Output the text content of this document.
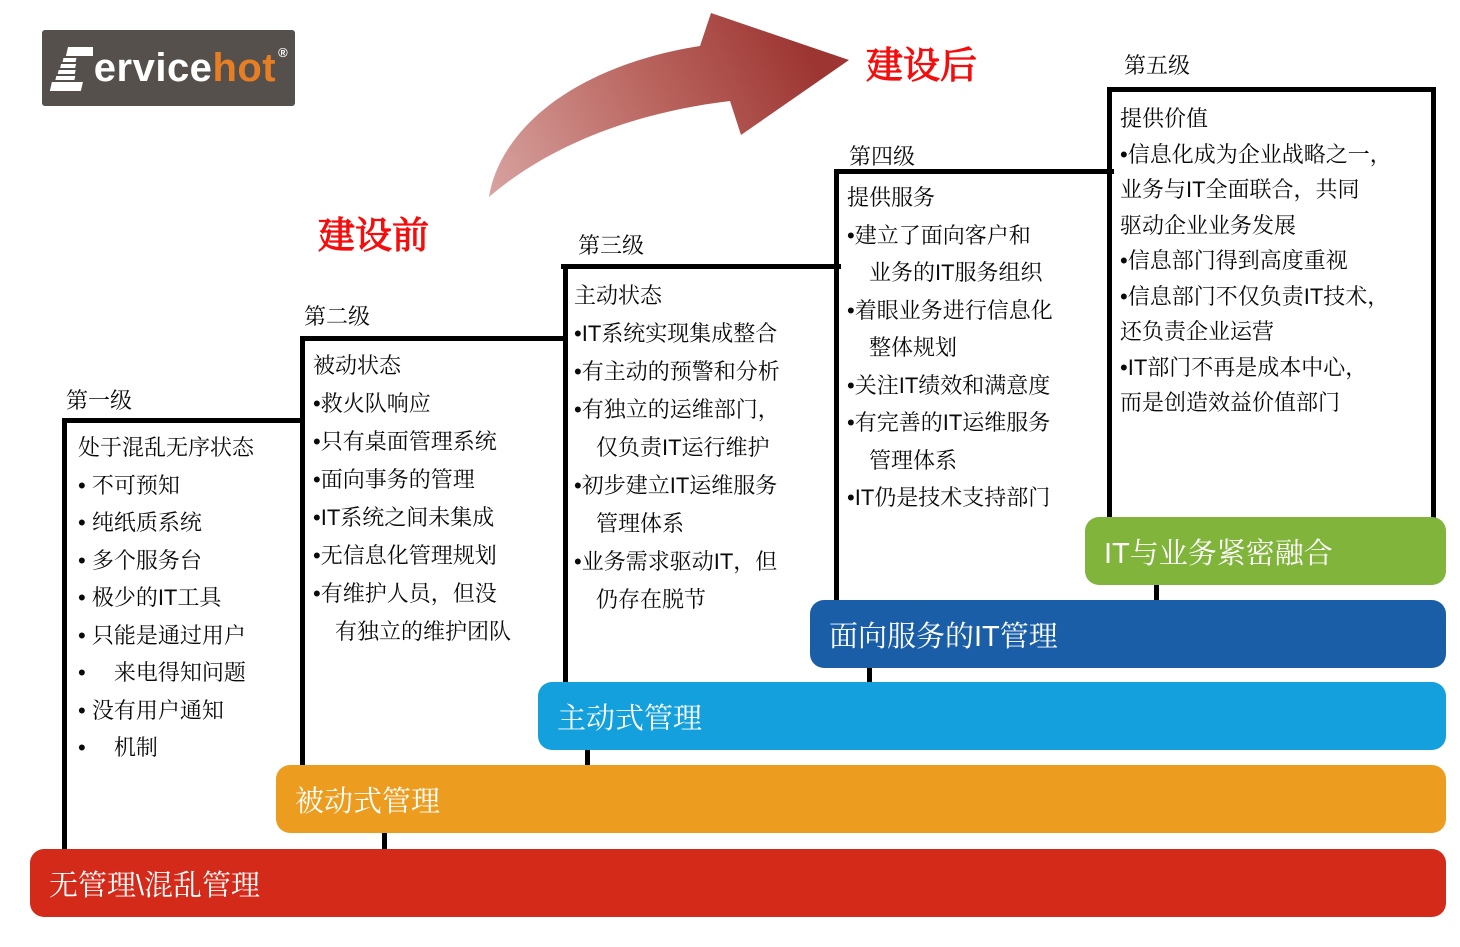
ervice hot ®
建设前
建设后
第一级
第二级
第三级
第四级
第五级
处于混乱无序状态
• 不可预知
• 纯纸质系统
• 多个服务台
• 极少的IT工具
• 只能是通过用户
•　 来电得知问题
• 没有用户通知
•　 机制
被动状态
•救火队响应
•只有桌面管理系统
•面向事务的管理
•IT系统之间未集成
•无信息化管理规划
•有维护人员，但没
　有独立的维护团队
主动状态
•IT系统实现集成整合
•有主动的预警和分析
•有独立的运维部门，
　仅负责IT运行维护
•初步建立IT运维服务
　管理体系
•业务需求驱动IT，但
　仍存在脱节
提供服务
•建立了面向客户和
　业务的IT服务组织
•着眼业务进行信息化
　整体规划
•关注IT绩效和满意度
•有完善的IT运维服务
　管理体系
•IT仍是技术支持部门
提供价值
•信息化成为企业战略之一，
业务与IT全面联合，共同
驱动企业业务发展
•信息部门得到高度重视
•信息部门不仅负责IT技术，
还负责企业运营
•IT部门不再是成本中心，
而是创造效益价值部门
无管理\混乱管理
被动式管理
主动式管理
面向服务的IT管理
IT与业务紧密融合
